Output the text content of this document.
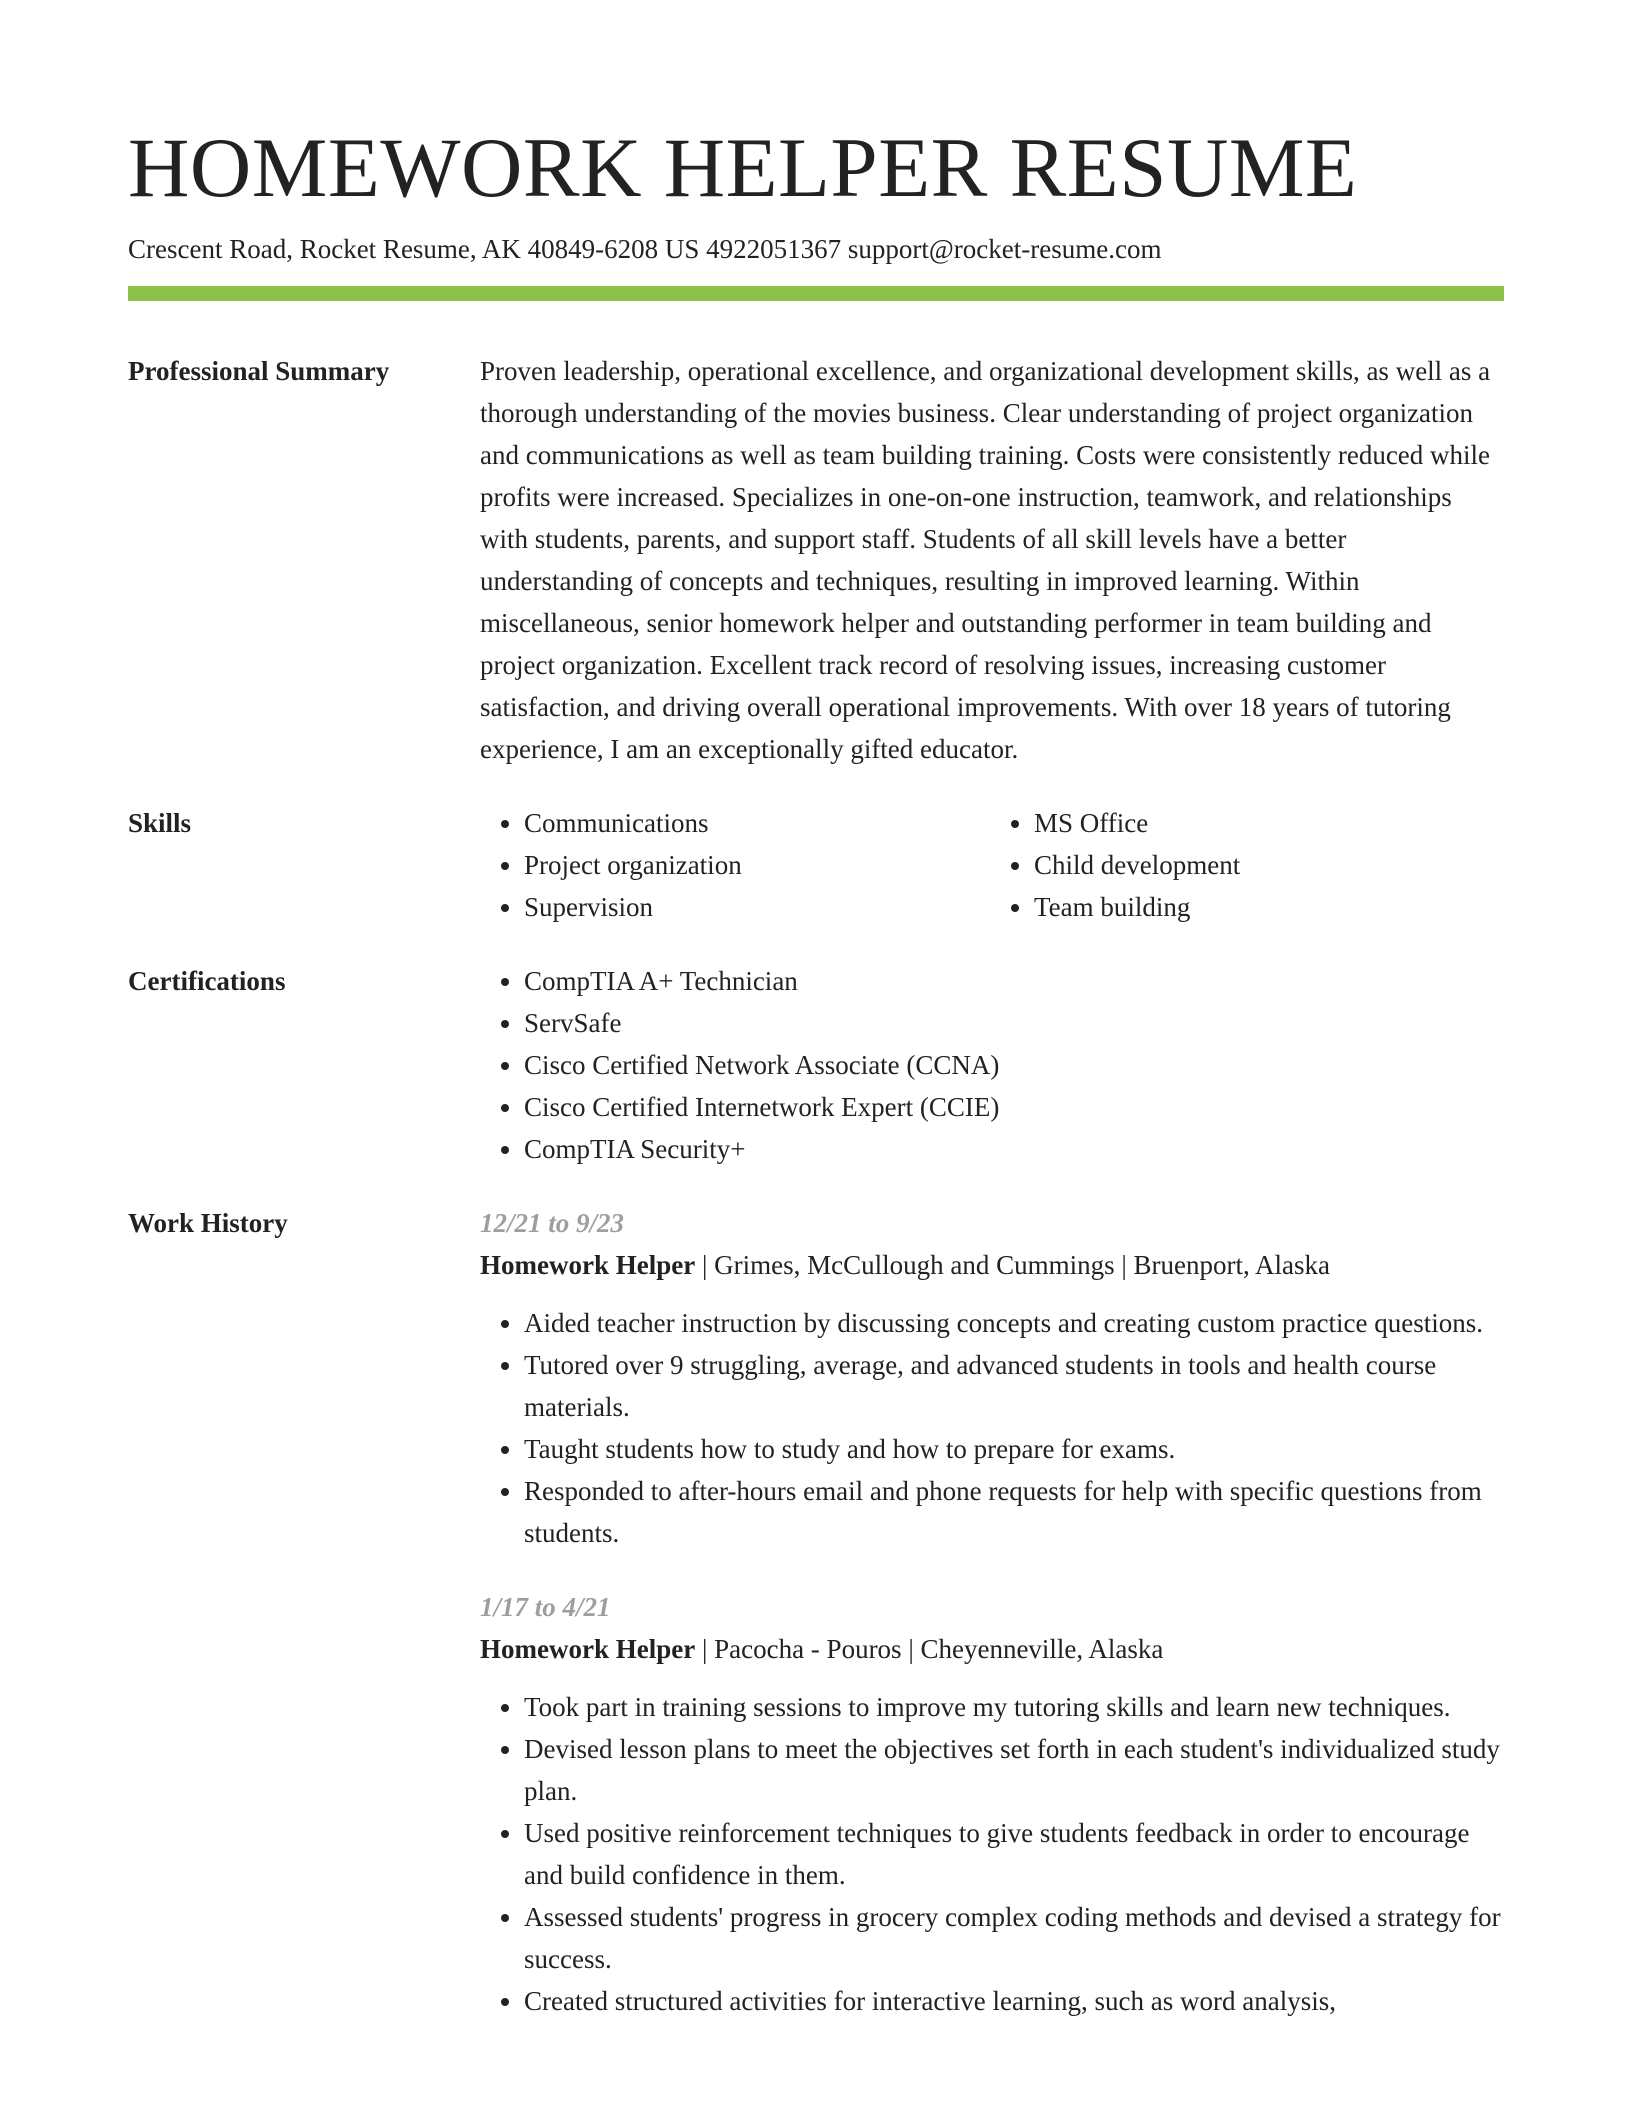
HOMEWORK HELPER RESUME
Crescent Road, Rocket Resume, AK 40849-6208 US 4922051367 support@rocket-resume.com
Professional Summary	Proven leadership, operational excellence, and organizational development skills, as well as a thorough understanding of the movies business. Clear understanding of project organization and communications as well as team building training. Costs were consistently reduced while profits were increased. Specializes in one-on-one instruction, teamwork, and relationships with students, parents, and support staff. Students of all skill levels have a better understanding of concepts and techniques, resulting in improved learning. Within miscellaneous, senior homework helper and outstanding performer in team building and project organization. Excellent track record of resolving issues, increasing customer satisfaction, and driving overall operational improvements. With over 18 years of tutoring experience, I am an exceptionally gifted educator.

Skills	• Communications
• Project organization
• Supervision
• MS Office
• Child development
• Team building
Certifications	• CompTIA A+ Technician
• ServSafe
• Cisco Certified Network Associate (CCNA)
• Cisco Certified Internetwork Expert (CCIE)
• CompTIA Security+
Work History	12/21 to 9/23
Homework Helper | Grimes, McCullough and Cummings | Bruenport, Alaska
• Aided teacher instruction by discussing concepts and creating custom practice questions.
• Tutored over 9 struggling, average, and advanced students in tools and health course materials.
• Taught students how to study and how to prepare for exams.
• Responded to after-hours email and phone requests for help with specific questions from students.
1/17 to 4/21
Homework Helper | Pacocha - Pouros | Cheyenneville, Alaska
• Took part in training sessions to improve my tutoring skills and learn new techniques.
• Devised lesson plans to meet the objectives set forth in each student's individualized study plan.
• Used positive reinforcement techniques to give students feedback in order to encourage and build confidence in them.
• Assessed students' progress in grocery complex coding methods and devised a strategy for success.
• Created structured activities for interactive learning, such as word analysis,
